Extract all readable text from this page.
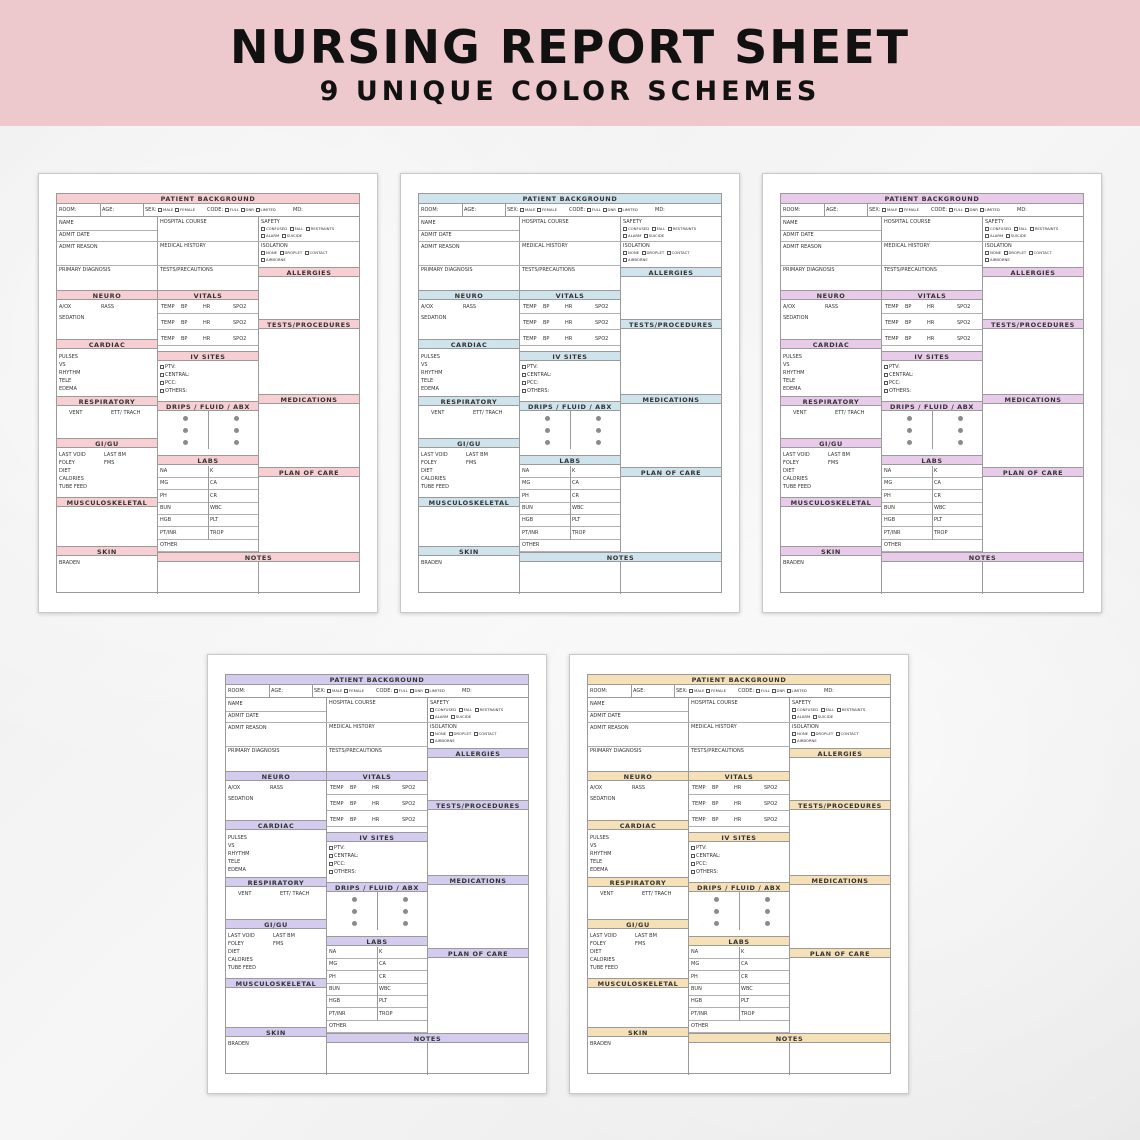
NURSING REPORT SHEET
9 UNIQUE COLOR SCHEMES
PATIENT BACKGROUND
ROOM:	AGE:	SEX: MALE FEMALE CODE: FULL DNR LIMITED	MD:
NAME
ADMIT DATE
ADMIT REASON
PRIMARY DIAGNOSIS
HOSPITAL COURSE
MEDICAL HISTORY
TESTS/PRECAUTIONS
SAFETY
CONFUSED FALL RESTRAINTS
ALARM SUICIDE
ISOLATION
NONE DROPLET CONTACT
AIRBORNE
ALLERGIES
NEURO	VITALS
A/OX	RASS
SEDATION
TESTS/PROCEDURES
CARDIAC
PULSES
VS
RHYTHM
TELE
EDEMA
IV SITES
PTV:
CENTRAL:
PCC:
OTHERS:
RESPIRATORY
VENT	ETT/ TRACH
MEDICATIONS
DRIPS / FLUID / ABX
GI/GU
LAST VOID	LAST BM
FOLEY	FMS
DIET
CALORIES
TUBE FEED
LABS
PLAN OF CARE
MUSCULOSKELETAL
SKIN
BRADEN
NOTES
TEMP BP	HR	SPO2
TEMP BP	HR	SPO2
TEMP BP	HR	SPO2
NA	K
MG	CA
PH	CR
BUN	WBC
HGB	PLT
PT/INR	TROP
OTHER
PATIENT BACKGROUND
ROOM:	AGE:	SEX: MALE FEMALE CODE: FULL DNR LIMITED	MD:
NAME
ADMIT DATE
ADMIT REASON
PRIMARY DIAGNOSIS
HOSPITAL COURSE
MEDICAL HISTORY
TESTS/PRECAUTIONS
SAFETY
CONFUSED FALL RESTRAINTS
ALARM SUICIDE
ISOLATION
NONE DROPLET CONTACT
AIRBORNE
ALLERGIES
NEURO	VITALS
A/OX	RASS
SEDATION
TESTS/PROCEDURES
CARDIAC
PULSES
VS
RHYTHM
TELE
EDEMA
IV SITES
PTV:
CENTRAL:
PCC:
OTHERS:
RESPIRATORY
VENT	ETT/ TRACH
MEDICATIONS
DRIPS / FLUID / ABX
GI/GU
LAST VOID	LAST BM
FOLEY	FMS
DIET
CALORIES
TUBE FEED
LABS
PLAN OF CARE
MUSCULOSKELETAL
SKIN
BRADEN
NOTES
TEMP BP	HR	SPO2
TEMP BP	HR	SPO2
TEMP BP	HR	SPO2
NA	K
MG	CA
PH	CR
BUN	WBC
HGB	PLT
PT/INR	TROP
OTHER
PATIENT BACKGROUND
ROOM:	AGE:	SEX: MALE FEMALE CODE: FULL DNR LIMITED	MD:
NAME
ADMIT DATE
ADMIT REASON
PRIMARY DIAGNOSIS
HOSPITAL COURSE
MEDICAL HISTORY
TESTS/PRECAUTIONS
SAFETY
CONFUSED FALL RESTRAINTS
ALARM SUICIDE
ISOLATION
NONE DROPLET CONTACT
AIRBORNE
ALLERGIES
NEURO	VITALS
A/OX	RASS
SEDATION
TESTS/PROCEDURES
CARDIAC
PULSES
VS
RHYTHM
TELE
EDEMA
IV SITES
PTV:
CENTRAL:
PCC:
OTHERS:
RESPIRATORY
VENT	ETT/ TRACH
MEDICATIONS
DRIPS / FLUID / ABX
GI/GU
LAST VOID	LAST BM
FOLEY	FMS
DIET
CALORIES
TUBE FEED
LABS
PLAN OF CARE
MUSCULOSKELETAL
SKIN
BRADEN
NOTES
TEMP BP	HR	SPO2
TEMP BP	HR	SPO2
TEMP BP	HR	SPO2
NA	K
MG	CA
PH	CR
BUN	WBC
HGB	PLT
PT/INR	TROP
OTHER
PATIENT BACKGROUND
ROOM:	AGE:	SEX: MALE FEMALE CODE: FULL DNR LIMITED	MD:
NAME
ADMIT DATE
ADMIT REASON
PRIMARY DIAGNOSIS
HOSPITAL COURSE
MEDICAL HISTORY
TESTS/PRECAUTIONS
SAFETY
CONFUSED FALL RESTRAINTS
ALARM SUICIDE
ISOLATION
NONE DROPLET CONTACT
AIRBORNE
ALLERGIES
NEURO	VITALS
A/OX	RASS
SEDATION
TESTS/PROCEDURES
CARDIAC
PULSES
VS
RHYTHM
TELE
EDEMA
IV SITES
PTV:
CENTRAL:
PCC:
OTHERS:
RESPIRATORY
VENT	ETT/ TRACH
MEDICATIONS
DRIPS / FLUID / ABX
GI/GU
LAST VOID	LAST BM
FOLEY	FMS
DIET
CALORIES
TUBE FEED
LABS
PLAN OF CARE
MUSCULOSKELETAL
SKIN
BRADEN
NOTES
TEMP BP	HR	SPO2
TEMP BP	HR	SPO2
TEMP BP	HR	SPO2
NA	K
MG	CA
PH	CR
BUN	WBC
HGB	PLT
PT/INR	TROP
OTHER
PATIENT BACKGROUND
ROOM:	AGE:	SEX: MALE FEMALE CODE: FULL DNR LIMITED	MD:
NAME
ADMIT DATE
ADMIT REASON
PRIMARY DIAGNOSIS
HOSPITAL COURSE
MEDICAL HISTORY
TESTS/PRECAUTIONS
SAFETY
CONFUSED FALL RESTRAINTS
ALARM SUICIDE
ISOLATION
NONE DROPLET CONTACT
AIRBORNE
ALLERGIES
NEURO	VITALS
A/OX	RASS
SEDATION
TESTS/PROCEDURES
CARDIAC
PULSES
VS
RHYTHM
TELE
EDEMA
IV SITES
PTV:
CENTRAL:
PCC:
OTHERS:
RESPIRATORY
VENT	ETT/ TRACH
MEDICATIONS
DRIPS / FLUID / ABX
GI/GU
LAST VOID	LAST BM
FOLEY	FMS
DIET
CALORIES
TUBE FEED
LABS
PLAN OF CARE
MUSCULOSKELETAL
SKIN
BRADEN
NOTES
TEMP BP	HR	SPO2
TEMP BP	HR	SPO2
TEMP BP	HR	SPO2
NA	K
MG	CA
PH	CR
BUN	WBC
HGB	PLT
PT/INR	TROP
OTHER
